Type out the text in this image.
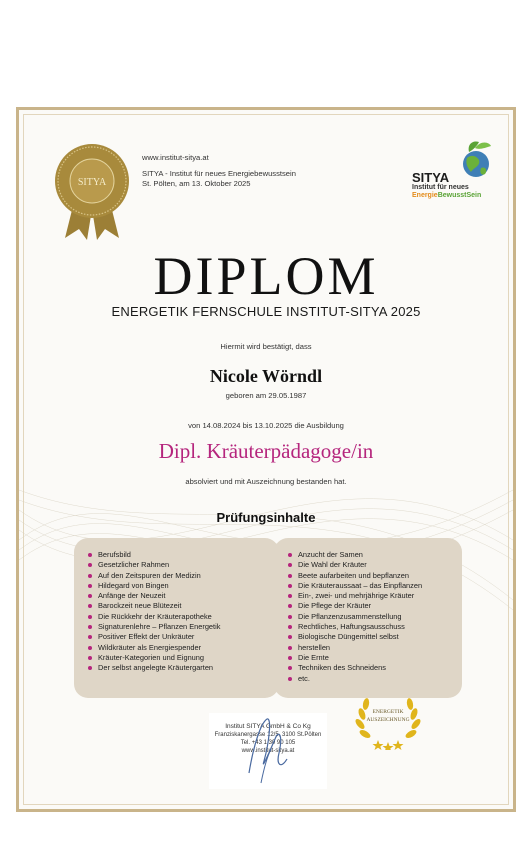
SITYA
www.institut-sitya.at
SITYA - Institut für neues Energiebewusstsein
St. Pölten, am 13. Oktober 2025	SITYA
Institut für neues
EnergieBewusstSein
DIPLOM
ENERGETIK FERNSCHULE INSTITUT-SITYA 2025
Hiermit wird bestätigt, dass
Nicole Wörndl
geboren am 29.05.1987
von 14.08.2024 bis 13.10.2025 die Ausbildung
Dipl. Kräuterpädagoge/in
absolviert und mit Auszeichnung bestanden hat.
Prüfungsinhalte
Berufsbild
Gesetzlicher Rahmen
Auf den Zeitspuren der Medizin
Hildegard von Bingen
Anfänge der Neuzeit
Barockzeit neue Blütezeit
Die Rückkehr der Kräuterapotheke
Signaturenlehre – Pflanzen Energetik
Positiver Effekt der Unkräuter
Wildkräuter als Energiespender
Kräuter-Kategorien und Eignung
Der selbst angelegte Kräutergarten
Anzucht der Samen
Die Wahl der Kräuter
Beete aufarbeiten und bepflanzen
Die Kräuteraussaat – das Einpflanzen
Ein-, zwei- und mehrjährige Kräuter
Die Pflege der Kräuter
Die Pflanzenzusammenstellung
Rechtliches, Haftungsausschuss
Biologische Düngemittel selbst
herstellen
Die Ernte
Techniken des Schneidens
etc.
Institut SITYA GmbH & Co Kg
Franziskanergasse 12/5, 3100 St.Pölten
Tel. +43 1 30 90 105
www.institut-sitya.at
ENERGETIK
AUSZEICHNUNG
